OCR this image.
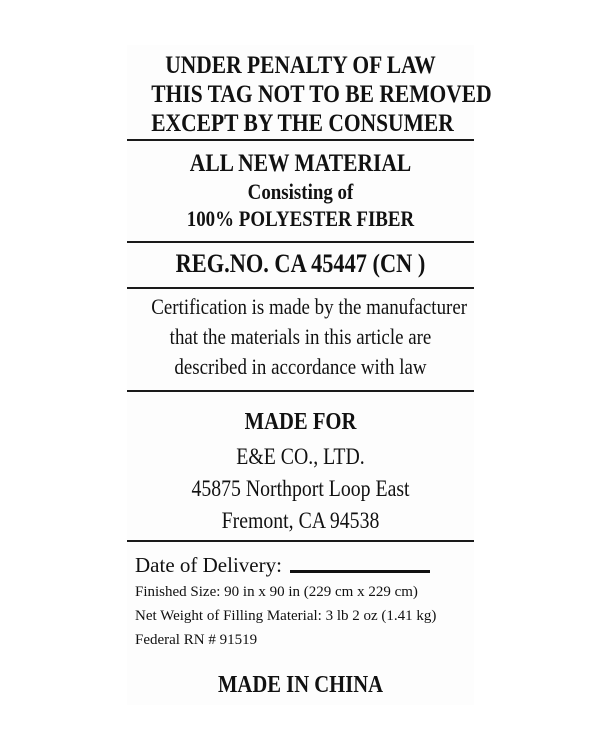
UNDER PENALTY OF LAW
THIS TAG NOT TO BE REMOVED
EXCEPT BY THE CONSUMER
ALL NEW MATERIAL
Consisting of
100% POLYESTER FIBER
REG.NO. CA 45447 (CN )
Certification is made by the manufacturer
that the materials in this article are
described in accordance with law
MADE FOR
E&E CO., LTD.
45875 Northport Loop East
Fremont, CA 94538
Date of Delivery:
Finished Size: 90 in x 90 in (229 cm x 229 cm)
Net Weight of Filling Material: 3 lb 2 oz (1.41 kg)
Federal RN # 91519
MADE IN CHINA
